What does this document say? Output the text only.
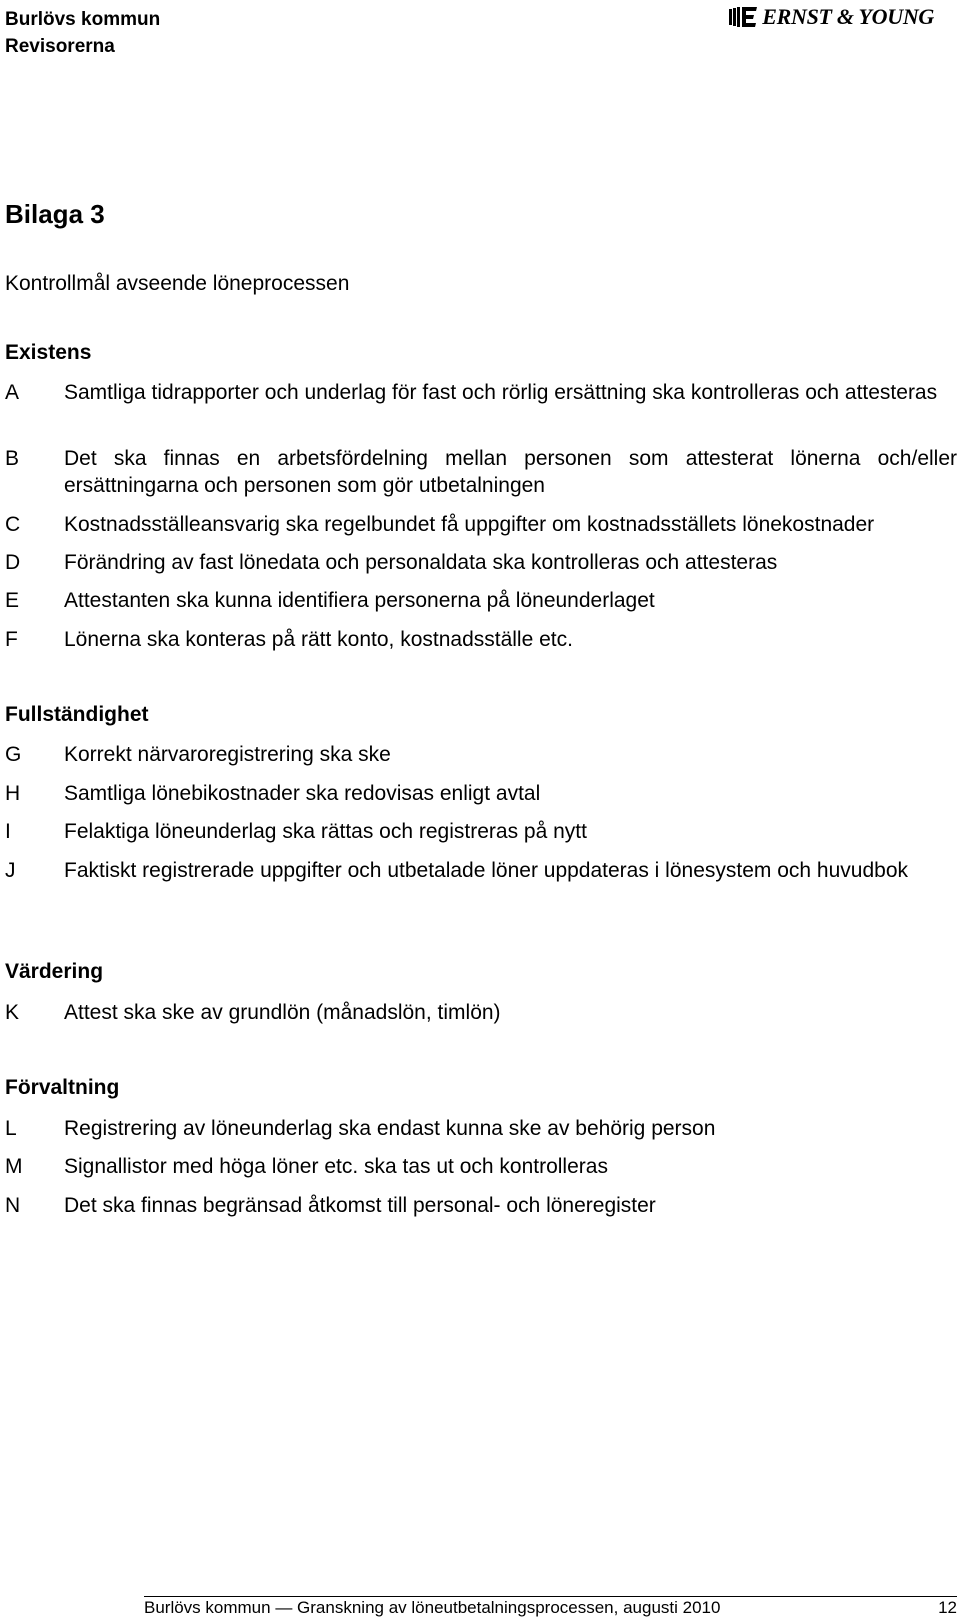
Burlövs kommun
Revisorerna
ERNST & YOUNG
Bilaga 3
Kontrollmål avseende löneprocessen
Existens
A	Samtliga tidrapporter och underlag för fast och rörlig ersättning ska kontrolleras och attesteras
B	Det ska finnas en arbetsfördelning mellan personen som attesterat lönerna och/eller ersättningarna och personen som gör utbetalningen
C	Kostnadsställeansvarig ska regelbundet få uppgifter om kostnadsställets lönekostnader
D	Förändring av fast lönedata och personaldata ska kontrolleras och attesteras
E	Attestanten ska kunna identifiera personerna på löneunderlaget
F	Lönerna ska konteras på rätt konto, kostnadsställe etc.
Fullständighet
G	Korrekt närvaroregistrering ska ske
H	Samtliga lönebikostnader ska redovisas enligt avtal
I	Felaktiga löneunderlag ska rättas och registreras på nytt
J	Faktiskt registrerade uppgifter och utbetalade löner uppdateras i lönesystem och huvudbok
Värdering
K	Attest ska ske av grundlön (månadslön, timlön)
Förvaltning
L	Registrering av löneunderlag ska endast kunna ske av behörig person
M	Signallistor med höga löner etc. ska tas ut och kontrolleras
N	Det ska finnas begränsad åtkomst till personal- och löneregister
Burlövs kommun — Granskning av löneutbetalningsprocessen, augusti 2010	12
